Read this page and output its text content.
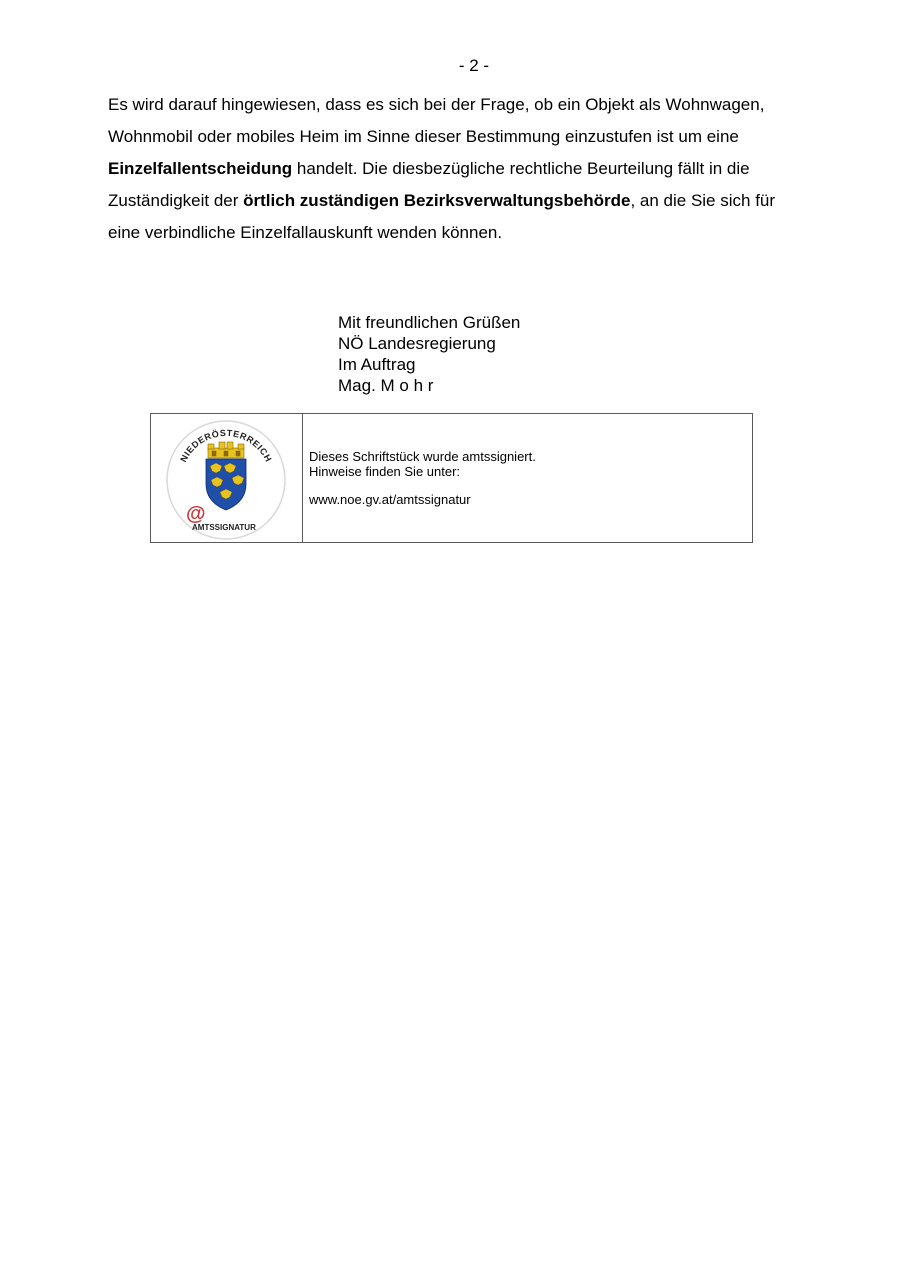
- 2 -
Es wird darauf hingewiesen, dass es sich bei der Frage, ob ein Objekt als Wohnwagen,
Wohnmobil oder mobiles Heim im Sinne dieser Bestimmung einzustufen ist um eine
Einzelfallentscheidung handelt. Die diesbezügliche rechtliche Beurteilung fällt in die
Zuständigkeit der örtlich zuständigen Bezirksverwaltungsbehörde, an die Sie sich für
eine verbindliche Einzelfallauskunft wenden können.
Mit freundlichen Grüßen
NÖ Landesregierung
Im Auftrag
Mag. M o h r
NIEDERÖSTERREICH
@
AMTSSIGNATUR
Dieses Schriftstück wurde amtssigniert.
Hinweise finden Sie unter:
www.noe.gv.at/amtssignatur
